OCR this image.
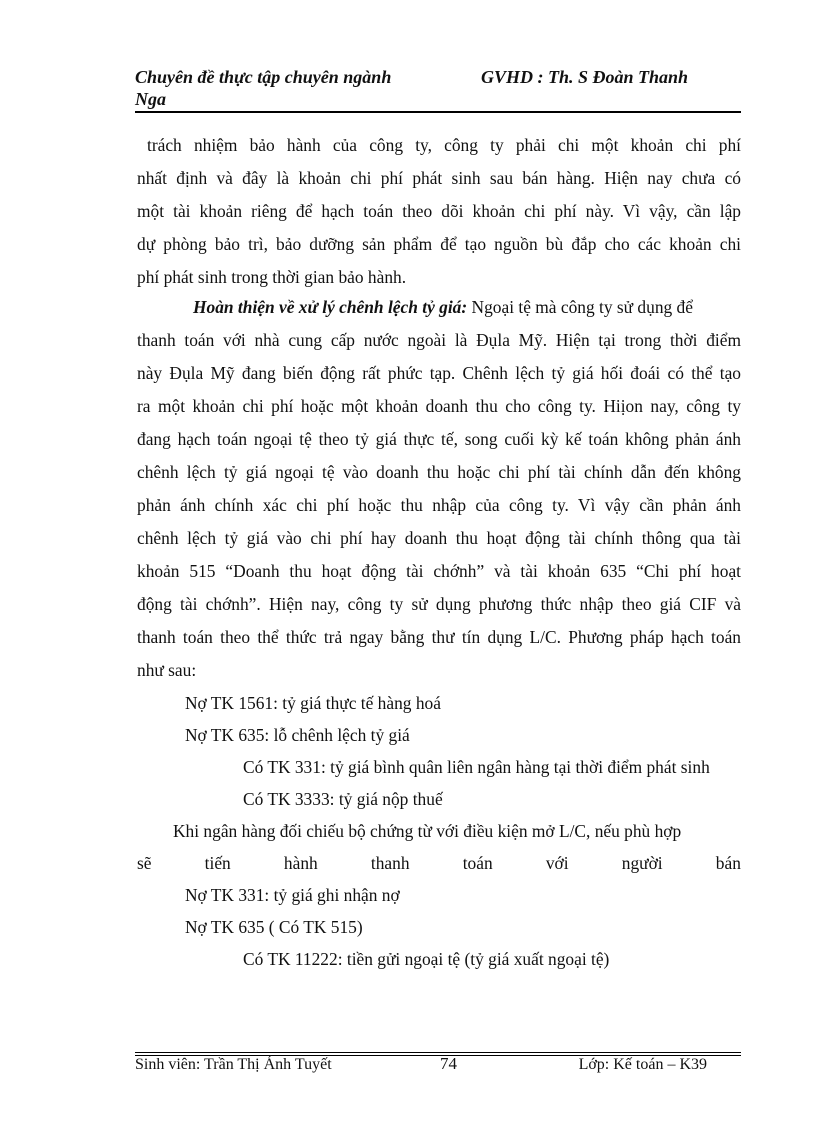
Chuyên đề thực tập chuyên ngành
Nga
GVHD : Th. S Đoàn Thanh
trách nhiệm bảo hành của công ty, công ty phải chi một khoản chi phí
nhất định và đây là khoản chi phí phát sinh sau bán hàng. Hiện nay chưa có
một tài khoản riêng để hạch toán theo dõi khoản chi phí này. Vì vậy, cần lập
dự phòng bảo trì, bảo dưỡng sản phẩm để tạo nguồn bù đắp cho các khoản chi
phí phát sinh trong thời gian bảo hành.
Hoàn thiện về xử lý chênh lệch tỷ giá: Ngoại tệ mà công ty sử dụng để
thanh toán với nhà cung cấp nước ngoài là Đụla Mỹ. Hiện tại trong thời điểm
này Đụla Mỹ đang biến động rất phức tạp. Chênh lệch tỷ giá hối đoái có thể tạo
ra một khoản chi phí hoặc một khoản doanh thu cho công ty. Hiịon nay, công ty
đang hạch toán ngoại tệ theo tỷ giá thực tế, song cuối kỳ kế toán không phản ánh
chênh lệch tỷ giá ngoại tệ vào doanh thu hoặc chi phí tài chính dẫn đến không
phản ánh chính xác chi phí hoặc thu nhập của công ty. Vì vậy cần phản ánh
chênh lệch tỷ giá vào chi phí hay doanh thu hoạt động tài chính thông qua tài
khoản 515 “Doanh thu hoạt động tài chớnh” và tài khoản 635 “Chi phí hoạt
động tài chớnh”. Hiện nay, công ty sử dụng phương thức nhập theo giá CIF và
thanh toán theo thể thức trả ngay bằng thư tín dụng L/C. Phương pháp hạch toán
như sau:
Nợ TK 1561: tỷ giá thực tế hàng hoá
Nợ TK 635: lỗ chênh lệch tỷ giá
Có TK 331: tỷ giá bình quân liên ngân hàng tại thời điểm phát sinh
Có TK 3333: tỷ giá nộp thuế
Khi ngân hàng đối chiếu bộ chứng từ với điều kiện mở L/C, nếu phù hợp
sẽ	tiến	hành	thanh	toán	với	người	bán
Nợ TK 331: tỷ giá ghi nhận nợ
Nợ TK 635 ( Có TK 515)
Có TK 11222: tiền gửi ngoại tệ (tỷ giá xuất ngoại tệ)
Sinh viên: Trần Thị Ánh Tuyết	74	Lớp: Kế toán – K39
